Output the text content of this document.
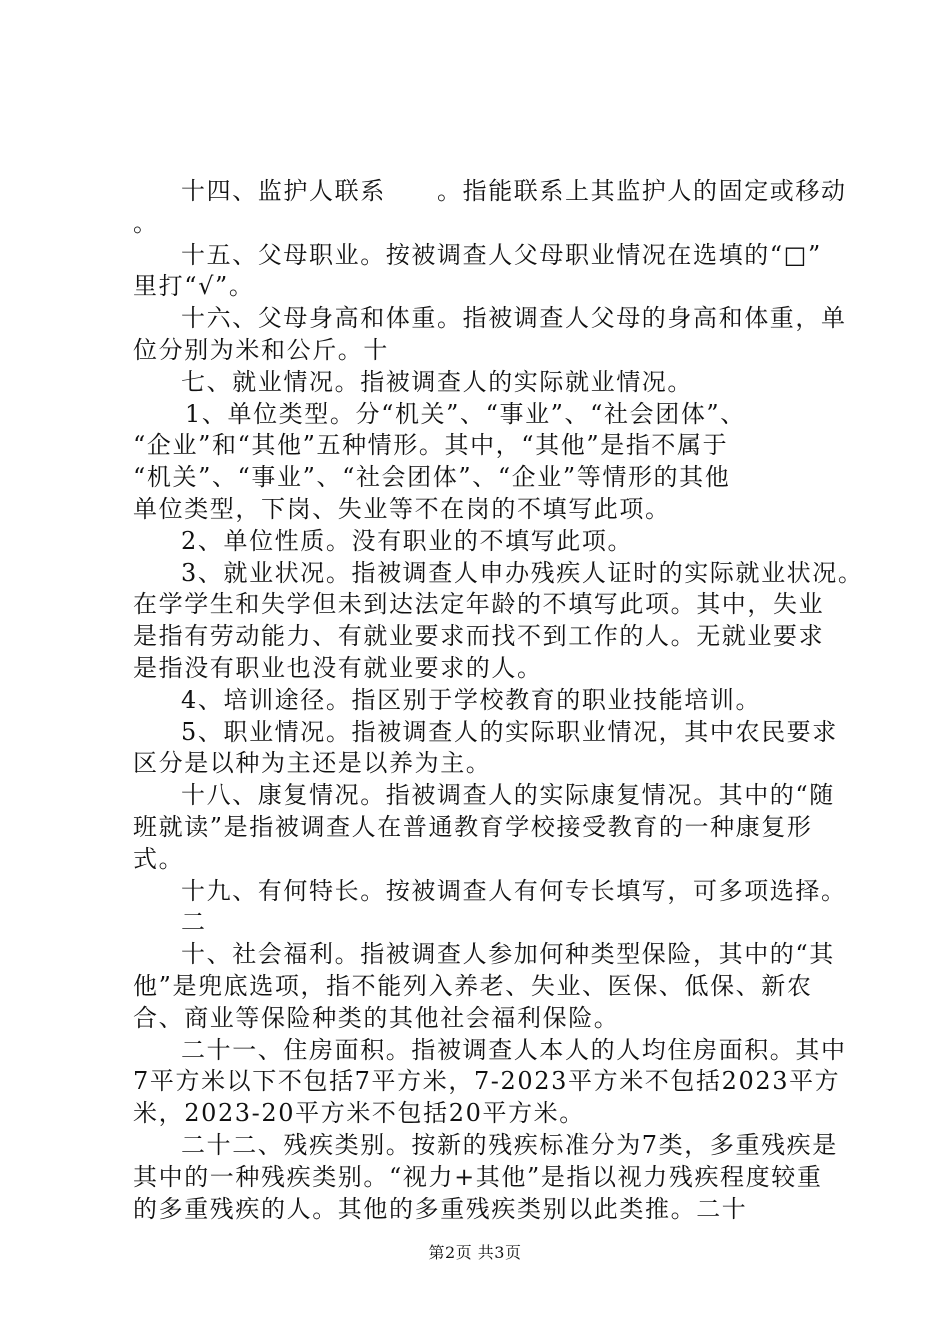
十四、监护人联系　　。指能联系上其监护人的固定或移动
。
十五、父母职业。按被调查人父母职业情况在选填的“□”
里打“√”。
十六、父母身高和体重。指被调查人父母的身高和体重，单
位分别为米和公斤。十
七、就业情况。指被调查人的实际就业情况。
1、单位类型。分“机关”、“事业”、“社会团体”、
“企业”和“其他”五种情形。其中，“其他”是指不属于
“机关”、“事业”、“社会团体”、“企业”等情形的其他
单位类型，下岗、失业等不在岗的不填写此项。
2、单位性质。没有职业的不填写此项。
3、就业状况。指被调查人申办残疾人证时的实际就业状况。
在学学生和失学但未到达法定年龄的不填写此项。其中，失业
是指有劳动能力、有就业要求而找不到工作的人。无就业要求
是指没有职业也没有就业要求的人。
4、培训途径。指区别于学校教育的职业技能培训。
5、职业情况。指被调查人的实际职业情况，其中农民要求
区分是以种为主还是以养为主。
十八、康复情况。指被调查人的实际康复情况。其中的“随
班就读”是指被调查人在普通教育学校接受教育的一种康复形
式。
十九、有何特长。按被调查人有何专长填写，可多项选择。
二
十、社会福利。指被调查人参加何种类型保险，其中的“其
他”是兜底选项，指不能列入养老、失业、医保、低保、新农
合、商业等保险种类的其他社会福利保险。
二十一、住房面积。指被调查人本人的人均住房面积。其中
7平方米以下不包括7平方米，7-2023平方米不包括2023平方
米，2023-20平方米不包括20平方米。
二十二、残疾类别。按新的残疾标准分为7类，多重残疾是
其中的一种残疾类别。“视力+其他”是指以视力残疾程度较重
的多重残疾的人。其他的多重残疾类别以此类推。二十
第2页 共3页
